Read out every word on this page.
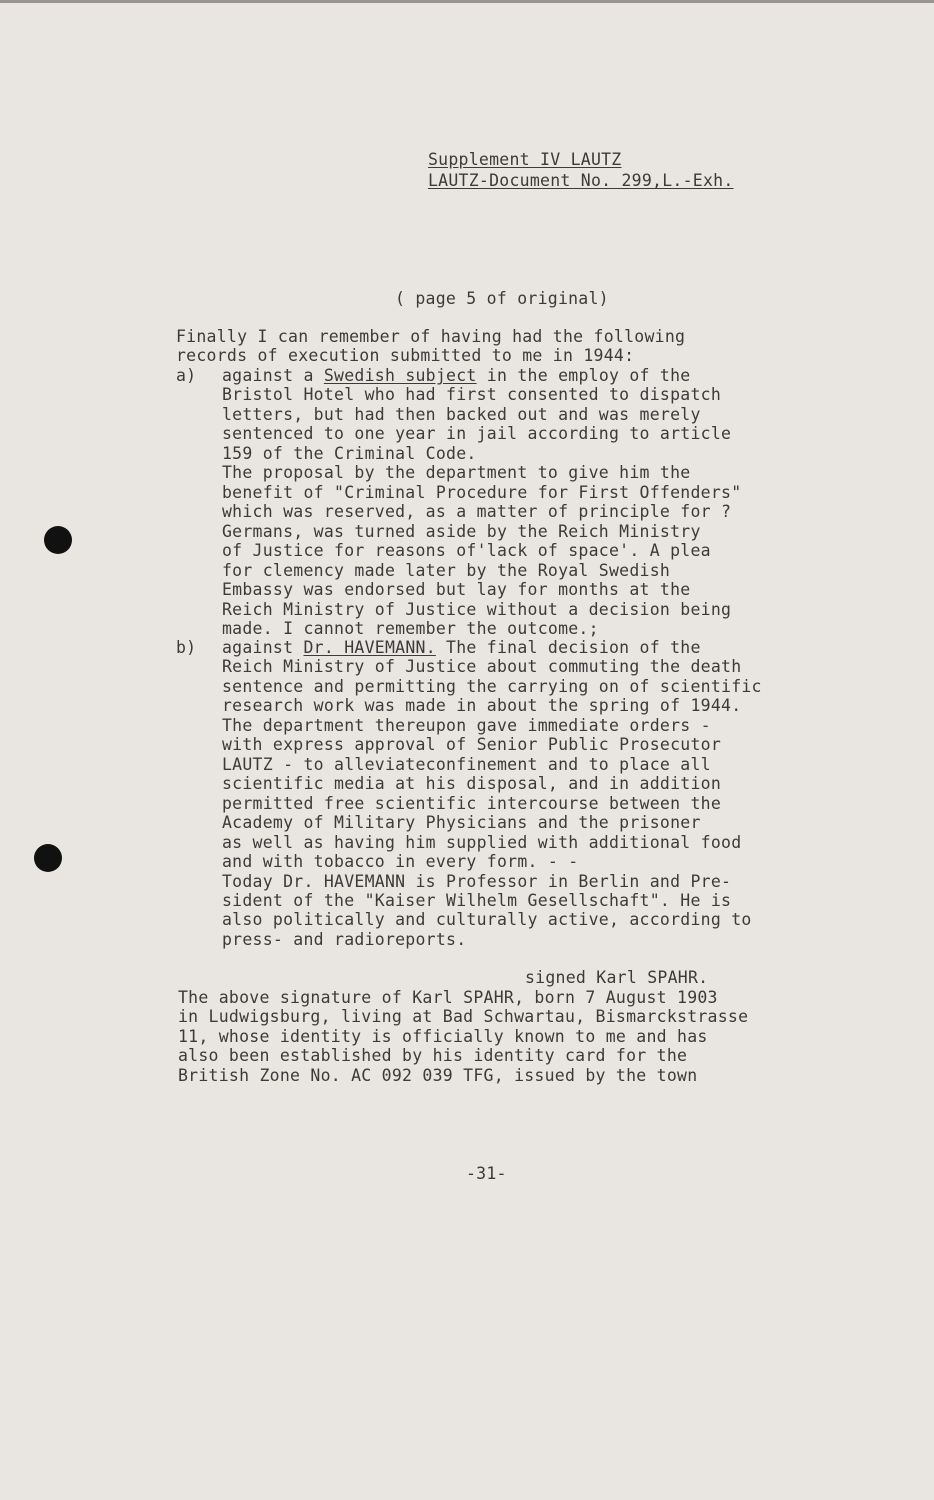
Supplement IV LAUTZ
LAUTZ-Document No. 299,L.-Exh.
( page 5 of original)
Finally I can remember of having had the following
records of execution submitted to me in 1944:
a) against a Swedish subject in the employ of the
Bristol Hotel who had first consented to dispatch
letters, but had then backed out and was merely
sentenced to one year in jail according to article
159 of the Criminal Code.
The proposal by the department to give him the
benefit of "Criminal Procedure for First Offenders"
which was reserved, as a matter of principle for ?
Germans, was turned aside by the Reich Ministry
of Justice for reasons of'lack of space'. A plea
for clemency made later by the Royal Swedish
Embassy was endorsed but lay for months at the
Reich Ministry of Justice without a decision being
made. I cannot remember the outcome.;
b) against Dr. HAVEMANN. The final decision of the
Reich Ministry of Justice about commuting the death
sentence and permitting the carrying on of scientific
research work was made in about the spring of 1944.
The department thereupon gave immediate orders -
with express approval of Senior Public Prosecutor
LAUTZ - to alleviateconfinement and to place all
scientific media at his disposal, and in addition
permitted free scientific intercourse between the
Academy of Military Physicians and the prisoner
as well as having him supplied with additional food
and with tobacco in every form. - -
Today Dr. HAVEMANN is Professor in Berlin and Pre-
sident of the "Kaiser Wilhelm Gesellschaft". He is
also politically and culturally active, according to
press- and radioreports.
signed Karl SPAHR.
The above signature of Karl SPAHR, born 7 August 1903
in Ludwigsburg, living at Bad Schwartau, Bismarckstrasse
11, whose identity is officially known to me and has
also been established by his identity card for the
British Zone No. AC 092 039 TFG, issued by the town
-31-
